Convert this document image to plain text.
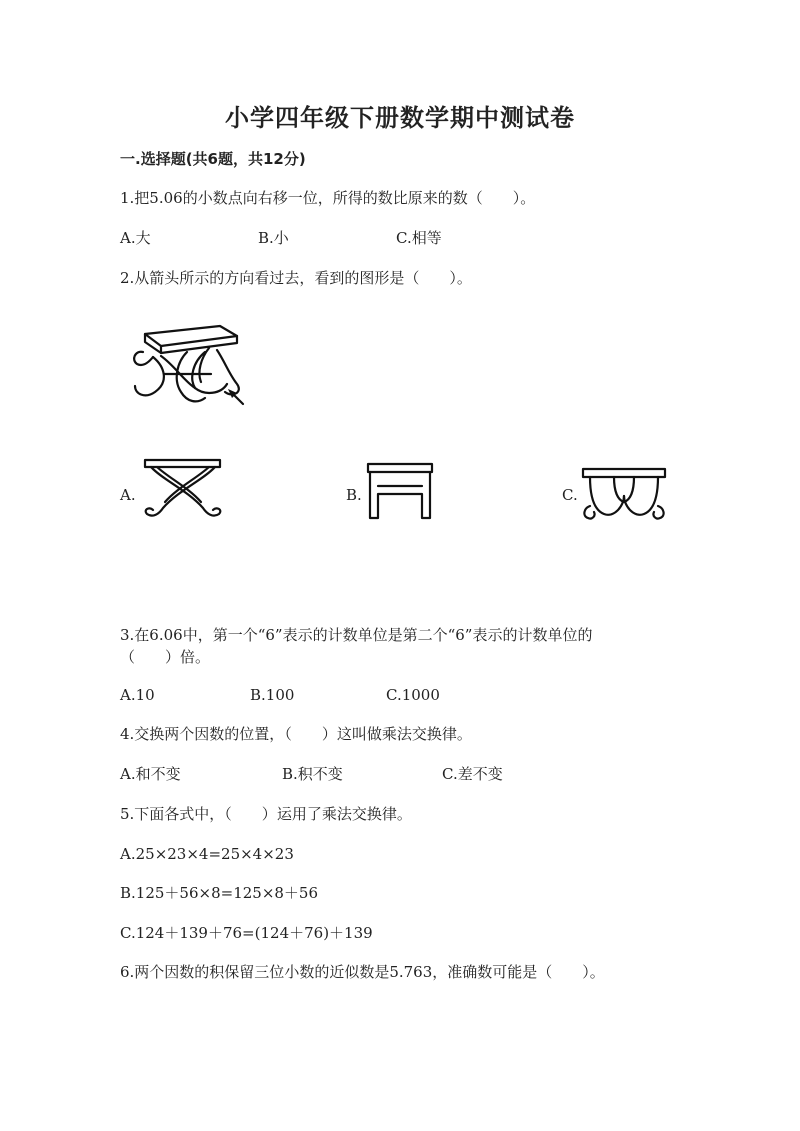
小学四年级下册数学期中测试卷
一.选择题(共6题，共12分)
1.把5.06的小数点向右移一位，所得的数比原来的数（　　）。
A.大	B.小	C.相等
2.从箭头所示的方向看过去，看到的图形是（　　）。
A.	B.	C.
3.在6.06中，第一个“6”表示的计数单位是第二个“6”表示的计数单位的
（　　）倍。
A.10	B.100	C.1000
4.交换两个因数的位置，（　　）这叫做乘法交换律。
A.和不变	B.积不变	C.差不变
5.下面各式中，（　　）运用了乘法交换律。
A.25×23×4=25×4×23
B.125＋56×8=125×8＋56
C.124＋139＋76=(124＋76)＋139
6.两个因数的积保留三位小数的近似数是5.763，准确数可能是（　　）。
